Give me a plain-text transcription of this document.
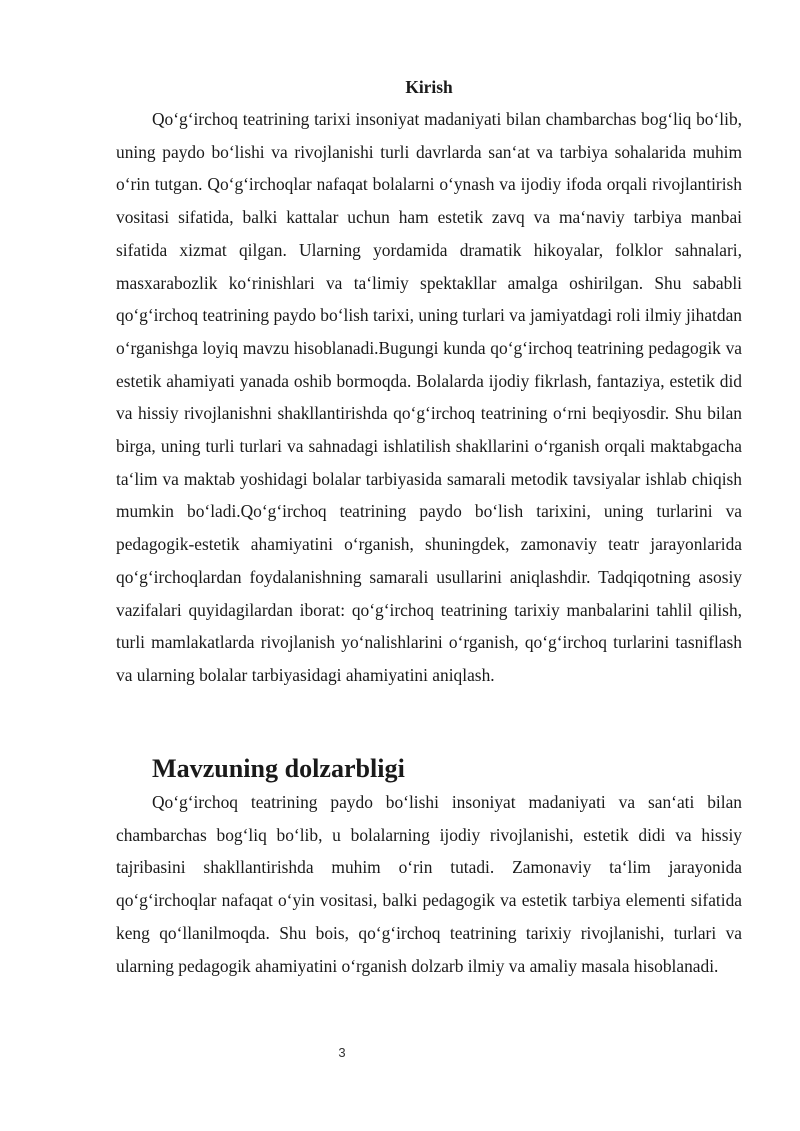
Kirish

Qo‘g‘irchoq teatrining tarixi insoniyat madaniyati bilan chambarchas bog‘liq bo‘lib, uning paydo bo‘lishi va rivojlanishi turli davrlarda san‘at va tarbiya sohalarida muhim o‘rin tutgan. Qo‘g‘irchoqlar nafaqat bolalarni o‘ynash va ijodiy ifoda orqali rivojlantirish vositasi sifatida, balki kattalar uchun ham estetik zavq va ma‘naviy tarbiya manbai sifatida xizmat qilgan. Ularning yordamida dramatik hikoyalar, folklor sahnalari, masxarabozlik ko‘rinishlari va ta‘limiy spektakllar amalga oshirilgan. Shu sababli qo‘g‘irchoq teatrining paydo bo‘lish tarixi, uning turlari va jamiyatdagi roli ilmiy jihatdan o‘rganishga loyiq mavzu hisoblanadi.Bugungi kunda qo‘g‘irchoq teatrining pedagogik va estetik ahamiyati yanada oshib bormoqda. Bolalarda ijodiy fikrlash, fantaziya, estetik did va hissiy rivojlanishni shakllantirishda qo‘g‘irchoq teatrining o‘rni beqiyosdir. Shu bilan birga, uning turli turlari va sahnadagi ishlatilish shakllarini o‘rganish orqali maktabgacha ta‘lim va maktab yoshidagi bolalar tarbiyasida samarali metodik tavsiyalar ishlab chiqish mumkin bo‘ladi.Qo‘g‘irchoq teatrining paydo bo‘lish tarixini, uning turlarini va pedagogik-estetik ahamiyatini o‘rganish, shuningdek, zamonaviy teatr jarayonlarida qo‘g‘irchoqlardan foydalanishning samarali usullarini aniqlashdir. Tadqiqotning asosiy vazifalari quyidagilardan iborat: qo‘g‘irchoq teatrining tarixiy manbalarini tahlil qilish, turli mamlakatlarda rivojlanish yo‘nalishlarini o‘rganish, qo‘g‘irchoq turlarini tasniflash va ularning bolalar tarbiyasidagi ahamiyatini aniqlash.

Mavzuning dolzarbligi

Qo‘g‘irchoq teatrining paydo bo‘lishi insoniyat madaniyati va san‘ati bilan chambarchas bog‘liq bo‘lib, u bolalarning ijodiy rivojlanishi, estetik didi va hissiy tajribasini shakllantirishda muhim o‘rin tutadi. Zamonaviy ta‘lim jarayonida qo‘g‘irchoqlar nafaqat o‘yin vositasi, balki pedagogik va estetik tarbiya elementi sifatida keng qo‘llanilmoqda. Shu bois, qo‘g‘irchoq teatrining tarixiy rivojlanishi, turlari va ularning pedagogik ahamiyatini o‘rganish dolzarb ilmiy va amaliy masala hisoblanadi.

3
